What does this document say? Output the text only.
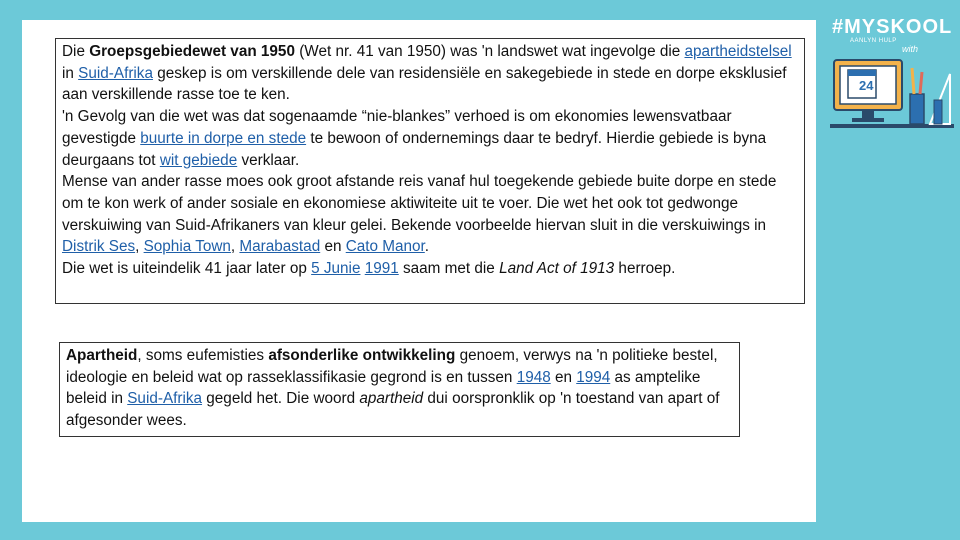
Die Groepsgebiedewet van 1950 (Wet nr. 41 van 1950) was 'n landswet wat ingevolge die apartheidstelsel in Suid-Afrika geskep is om verskillende dele van residensiële en sakegebiede in stede en dorpe eksklusief aan verskillende rasse toe te ken.

'n Gevolg van die wet was dat sogenaamde “nie-blankes” verhoed is om ekonomies lewensvatbaar gevestigde buurte in dorpe en stede te bewoon of ondernemings daar te bedryf. Hierdie gebiede is byna deurgaans tot wit gebiede verklaar.

Mense van ander rasse moes ook groot afstande reis vanaf hul toegekende gebiede buite dorpe en stede om te kon werk of ander sosiale en ekonomiese aktiwiteite uit te voer. Die wet het ook tot gedwonge verskuiwing van Suid-Afrikaners van kleur gelei. Bekende voorbeelde hiervan sluit in die verskuiwings in Distrik Ses, Sophia Town, Marabastad en Cato Manor.

Die wet is uiteindelik 41 jaar later op 5 Junie 1991 saam met die Land Act of 1913 herroep.

Apartheid, soms eufemisties afsonderlike ontwikkeling genoem, verwys na 'n politieke bestel, ideologie en beleid wat op rasseklassifikasie gegrond is en tussen 1948 en 1994 as amptelike beleid in Suid-Afrika gegeld het. Die woord apartheid dui oorspronklik op 'n toestand van apart of afgesonder wees.

#MYSKOOL
AANLYN HULP
with
24
